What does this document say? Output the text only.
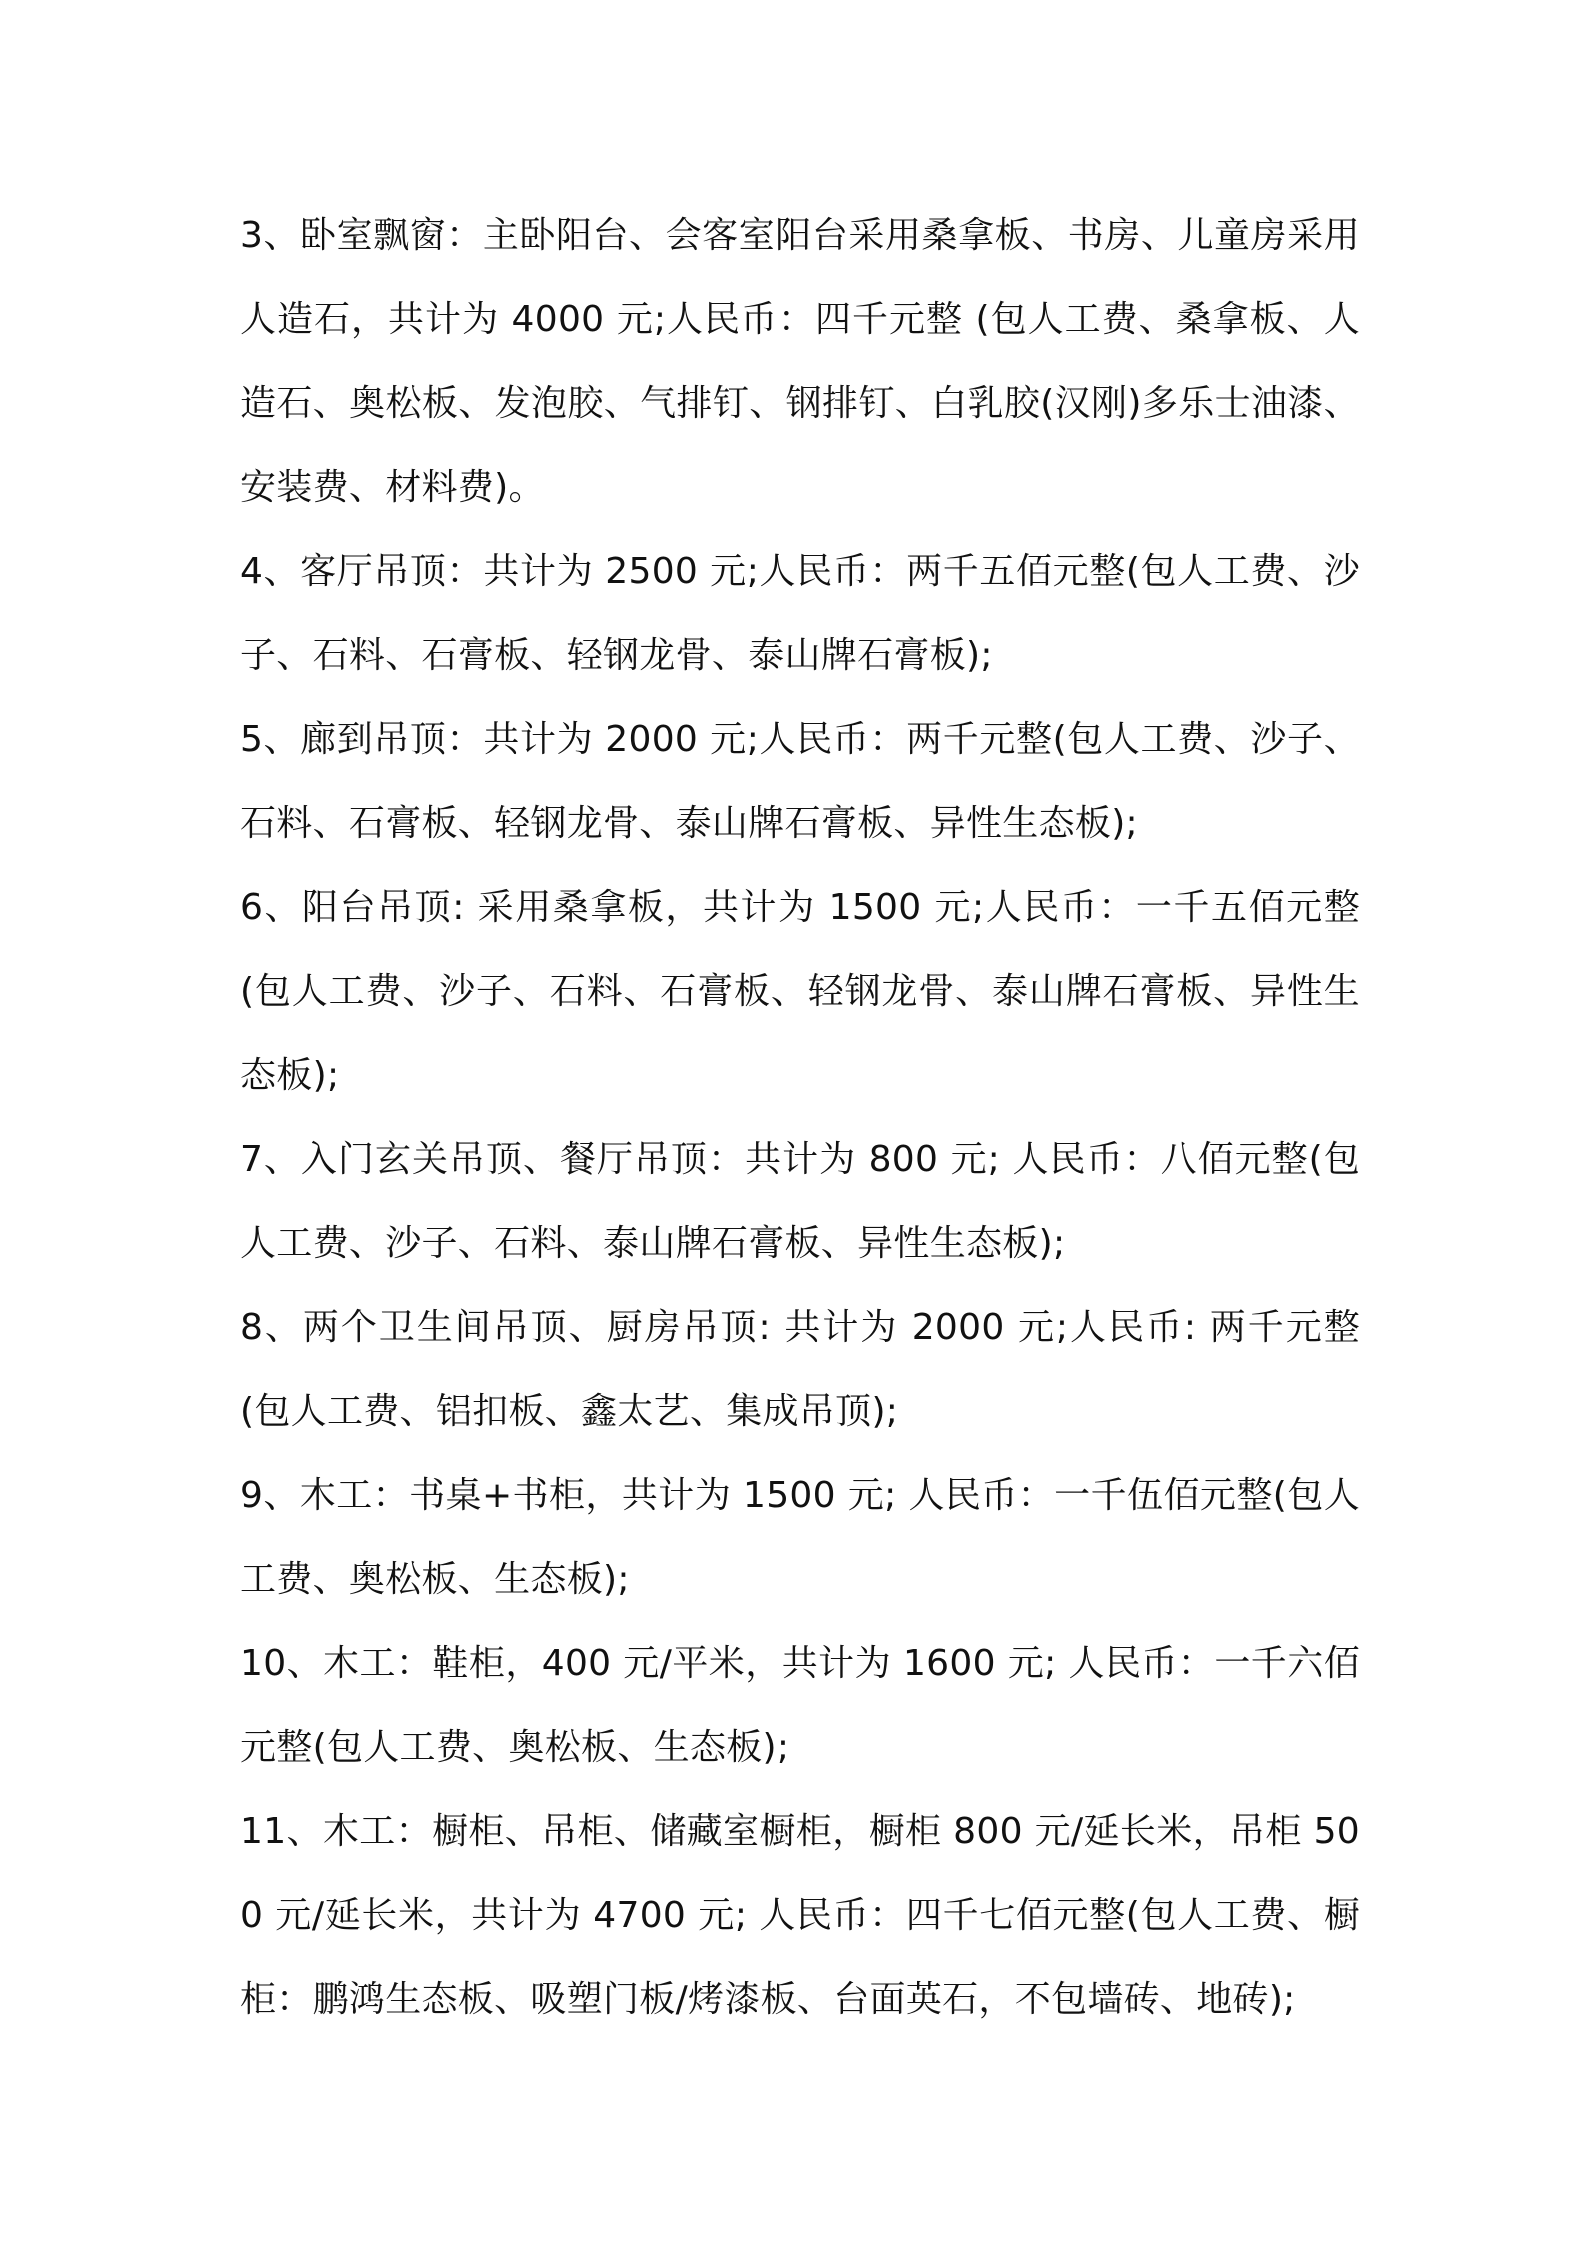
3、卧室飘窗：主卧阳台、会客室阳台采用桑拿板、书房、儿童房采用人造石，共计为 4000 元;人民币：四千元整 (包人工费、桑拿板、人造石、奥松板、发泡胶、气排钉、钢排钉、白乳胶(汉刚)多乐士油漆、安装费、材料费)。

4、客厅吊顶：共计为 2500 元;人民币：两千五佰元整(包人工费、沙子、石料、石膏板、轻钢龙骨、泰山牌石膏板);

5、廊到吊顶：共计为 2000 元;人民币：两千元整(包人工费、沙子、石料、石膏板、轻钢龙骨、泰山牌石膏板、异性生态板);

6、阳台吊顶: 采用桑拿板，共计为 1500 元;人民币：一千五佰元整(包人工费、沙子、石料、石膏板、轻钢龙骨、泰山牌石膏板、异性生态板);

7、入门玄关吊顶、餐厅吊顶：共计为 800 元; 人民币：八佰元整(包人工费、沙子、石料、泰山牌石膏板、异性生态板);

8、两个卫生间吊顶、厨房吊顶: 共计为 2000 元;人民币: 两千元整(包人工费、铝扣板、鑫太艺、集成吊顶);

9、木工：书桌+书柜，共计为 1500 元; 人民币：一千伍佰元整(包人工费、奥松板、生态板);

10、木工：鞋柜，400 元/平米，共计为 1600 元; 人民币：一千六佰元整(包人工费、奥松板、生态板);

11、木工：橱柜、吊柜、储藏室橱柜，橱柜 800 元/延长米，吊柜 500 元/延长米，共计为 4700 元; 人民币：四千七佰元整(包人工费、橱柜：鹏鸿生态板、吸塑门板/烤漆板、台面英石，不包墙砖、地砖);
